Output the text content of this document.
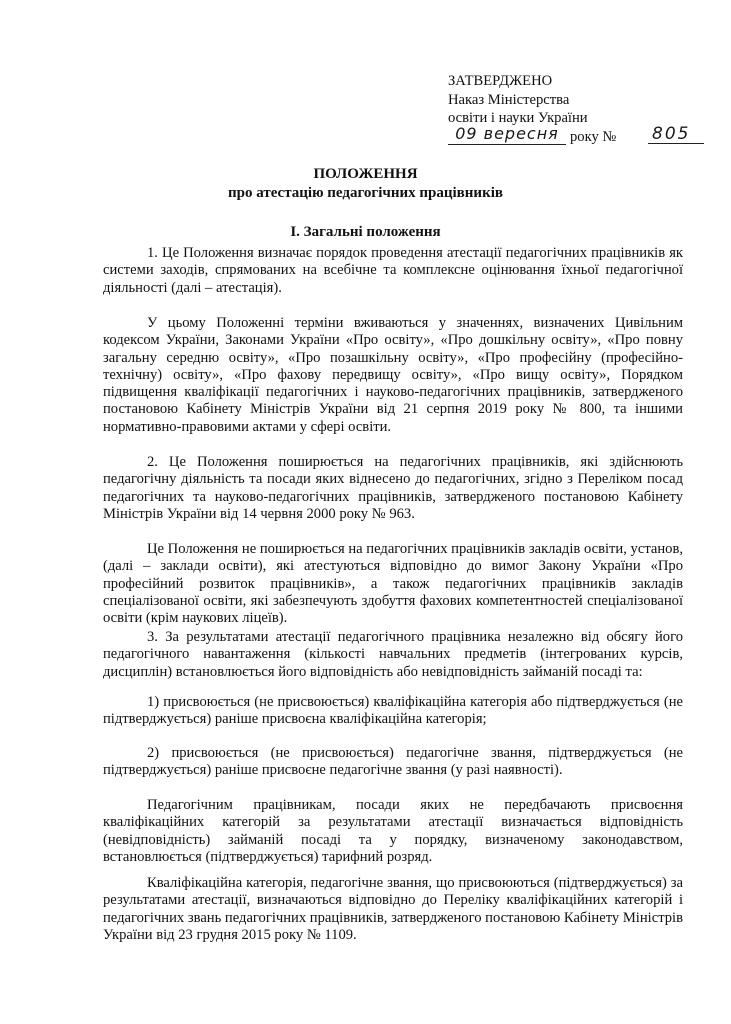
ЗАТВЕРДЖЕНО
Наказ Міністерства
освіти і науки України
09 вересня року № 805
ПОЛОЖЕННЯ
про атестацію педагогічних працівників
І. Загальні положення
1. Це Положення визначає порядок проведення атестації педагогічних працівників як системи заходів, спрямованих на всебічне та комплексне оцінювання їхньої педагогічної діяльності (далі – атестація).
У цьому Положенні терміни вживаються у значеннях, визначених Цивільним кодексом України, Законами України «Про освіту», «Про дошкільну освіту», «Про повну загальну середню освіту», «Про позашкільну освіту», «Про професійну (професійно-технічну) освіту», «Про фахову передвищу освіту», «Про вищу освіту», Порядком підвищення кваліфікації педагогічних і науково-педагогічних працівників, затвердженого постановою Кабінету Міністрів України від 21 серпня 2019 року № 800, та іншими нормативно-правовими актами у сфері освіти.
2. Це Положення поширюється на педагогічних працівників, які здійснюють педагогічну діяльність та посади яких віднесено до педагогічних, згідно з Переліком посад педагогічних та науково-педагогічних працівників, затвердженого постановою Кабінету Міністрів України від 14 червня 2000 року № 963.
Це Положення не поширюється на педагогічних працівників закладів освіти, установ, (далі – заклади освіти), які атестуються відповідно до вимог Закону України «Про професійний розвиток працівників», а також педагогічних працівників закладів спеціалізованої освіти, які забезпечують здобуття фахових компетентностей спеціалізованої освіти (крім наукових ліцеїв).
3. За результатами атестації педагогічного працівника незалежно від обсягу його педагогічного навантаження (кількості навчальних предметів (інтегрованих курсів, дисциплін) встановлюється його відповідність або невідповідність займаній посаді та:
1) присвоюється (не присвоюється) кваліфікаційна категорія або підтверджується (не підтверджується) раніше присвоєна кваліфікаційна категорія;
2) присвоюється (не присвоюється) педагогічне звання, підтверджується (не підтверджується) раніше присвоєне педагогічне звання (у разі наявності).
Педагогічним працівникам, посади яких не передбачають присвоєння кваліфікаційних категорій за результатами атестації визначається відповідність (невідповідність) займаній посаді та у порядку, визначеному законодавством, встановлюється (підтверджується) тарифний розряд.
Кваліфікаційна категорія, педагогічне звання, що присвоюються (підтверджується) за результатами атестації, визначаються відповідно до Переліку кваліфікаційних категорій і педагогічних звань педагогічних працівників, затвердженого постановою Кабінету Міністрів України від 23 грудня 2015 року № 1109.
